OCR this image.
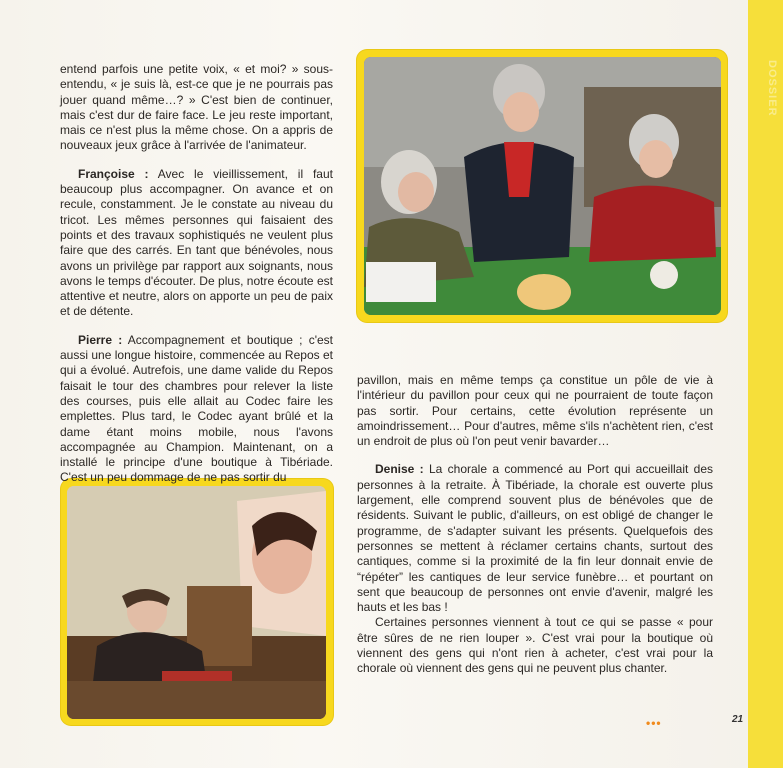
DOSSIER

entend parfois une petite voix, « et moi? » sous-entendu, « je suis là, est-ce que je ne pourrais pas jouer quand même…? » C'est bien de continuer, mais c'est dur de faire face. Le jeu reste important, mais ce n'est plus la même chose. On a appris de nouveaux jeux grâce à l'arrivée de l'animateur.

Françoise : Avec le vieillissement, il faut beaucoup plus accompagner. On avance et on recule, constamment. Je le constate au niveau du tricot. Les mêmes personnes qui faisaient des points et des travaux sophistiqués ne veulent plus faire que des carrés. En tant que bénévoles, nous avons un privilège par rapport aux soignants, nous avons le temps d'écouter. De plus, notre écoute est attentive et neutre, alors on apporte un peu de paix et de détente.

Pierre : Accompagnement et boutique ; c'est aussi une longue histoire, commencée au Repos et qui a évolué. Autrefois, une dame valide du Repos faisait le tour des chambres pour relever la liste des courses, puis elle allait au Codec faire les emplettes. Plus tard, le Codec ayant brûlé et la dame étant moins mobile, nous l'avons accompagnée au Champion. Maintenant, on a installé le principe d'une boutique à Tibériade. C'est un peu dommage de ne pas sortir du

pavillon, mais en même temps ça constitue un pôle de vie à l'intérieur du pavillon pour ceux qui ne pourraient de toute façon pas sortir. Pour certains, cette évolution représente un amoindrissement… Pour d'autres, même s'ils n'achètent rien, c'est un endroit de plus où l'on peut venir bavarder…

Denise : La chorale a commencé au Port qui accueillait des personnes à la retraite. À Tibériade, la chorale est ouverte plus largement, elle comprend souvent plus de bénévoles que de résidents. Suivant le public, d'ailleurs, on est obligé de changer le programme, de s'adapter suivant les présents. Quelquefois des personnes se mettent à réclamer certains chants, surtout des cantiques, comme si la proximité de la fin leur donnait envie de “répéter” les cantiques de leur service funèbre… et pourtant on sent que beaucoup de personnes ont envie d'avenir, malgré les hauts et les bas !

Certaines personnes viennent à tout ce qui se passe « pour être sûres de ne rien louper ». C'est vrai pour la boutique où viennent des gens qui n'ont rien à acheter, c'est vrai pour la chorale où viennent des gens qui ne peuvent plus chanter.

•••	21
